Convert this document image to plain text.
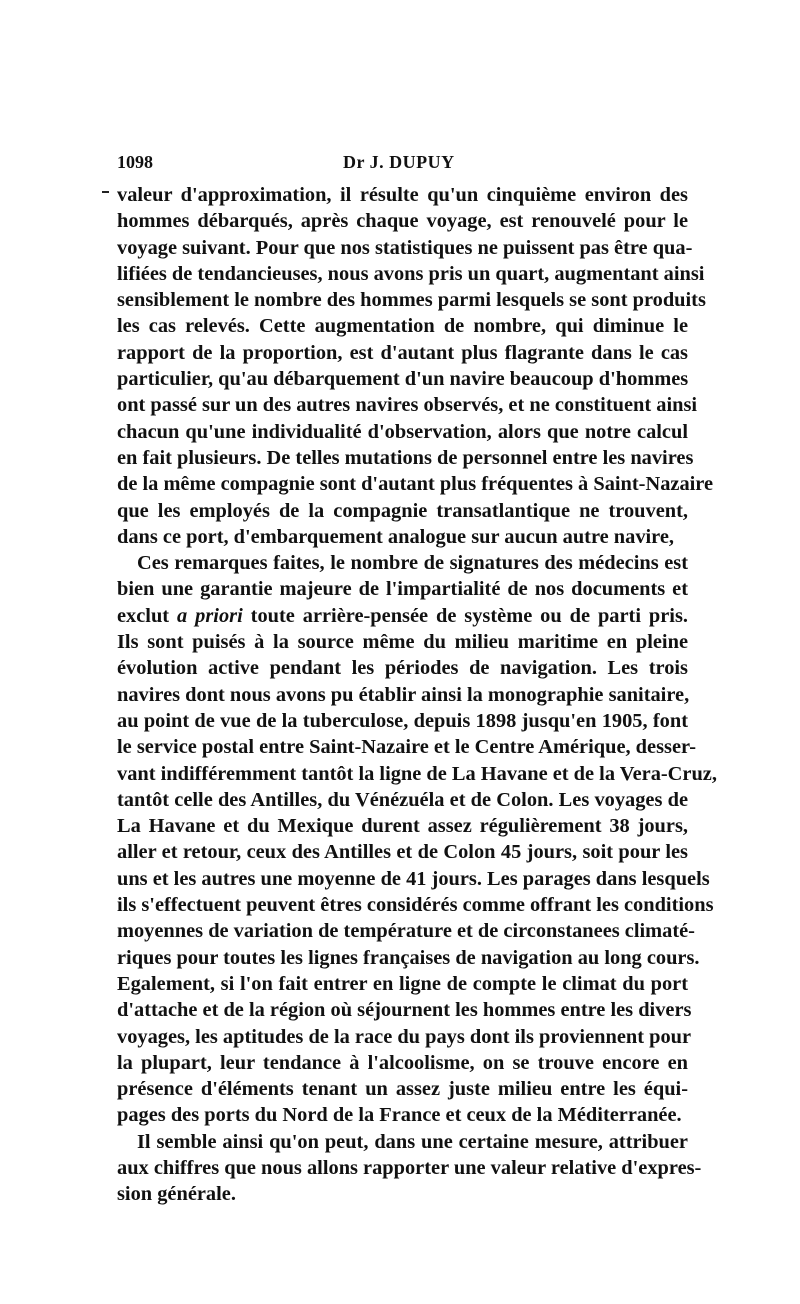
1098	Dr J. DUPUY
valeur d'approximation, il résulte qu'un cinquième environ des
hommes débarqués, après chaque voyage, est renouvelé pour le
voyage suivant. Pour que nos statistiques ne puissent pas être qua-
lifiées de tendancieuses, nous avons pris un quart, augmentant ainsi
sensiblement le nombre des hommes parmi lesquels se sont produits
les cas relevés. Cette augmentation de nombre, qui diminue le
rapport de la proportion, est d'autant plus flagrante dans le cas
particulier, qu'au débarquement d'un navire beaucoup d'hommes
ont passé sur un des autres navires observés, et ne constituent ainsi
chacun qu'une individualité d'observation, alors que notre calcul
en fait plusieurs. De telles mutations de personnel entre les navires
de la même compagnie sont d'autant plus fréquentes à Saint-Nazaire
que les employés de la compagnie transatlantique ne trouvent,
dans ce port, d'embarquement analogue sur aucun autre navire,
Ces remarques faites, le nombre de signatures des médecins est
bien une garantie majeure de l'impartialité de nos documents et
exclut a priori toute arrière-pensée de système ou de parti pris.
Ils sont puisés à la source même du milieu maritime en pleine
évolution active pendant les périodes de navigation. Les trois
navires dont nous avons pu établir ainsi la monographie sanitaire,
au point de vue de la tuberculose, depuis 1898 jusqu'en 1905, font
le service postal entre Saint-Nazaire et le Centre Amérique, desser-
vant indifféremment tantôt la ligne de La Havane et de la Vera-Cruz,
tantôt celle des Antilles, du Vénézuéla et de Colon. Les voyages de
La Havane et du Mexique durent assez régulièrement 38 jours,
aller et retour, ceux des Antilles et de Colon 45 jours, soit pour les
uns et les autres une moyenne de 41 jours. Les parages dans lesquels
ils s'effectuent peuvent êtres considérés comme offrant les conditions
moyennes de variation de température et de circonstanees climaté-
riques pour toutes les lignes françaises de navigation au long cours.
Egalement, si l'on fait entrer en ligne de compte le climat du port
d'attache et de la région où séjournent les hommes entre les divers
voyages, les aptitudes de la race du pays dont ils proviennent pour
la plupart, leur tendance à l'alcoolisme, on se trouve encore en
présence d'éléments tenant un assez juste milieu entre les équi-
pages des ports du Nord de la France et ceux de la Méditerranée.
Il semble ainsi qu'on peut, dans une certaine mesure, attribuer
aux chiffres que nous allons rapporter une valeur relative d'expres-
sion générale.
